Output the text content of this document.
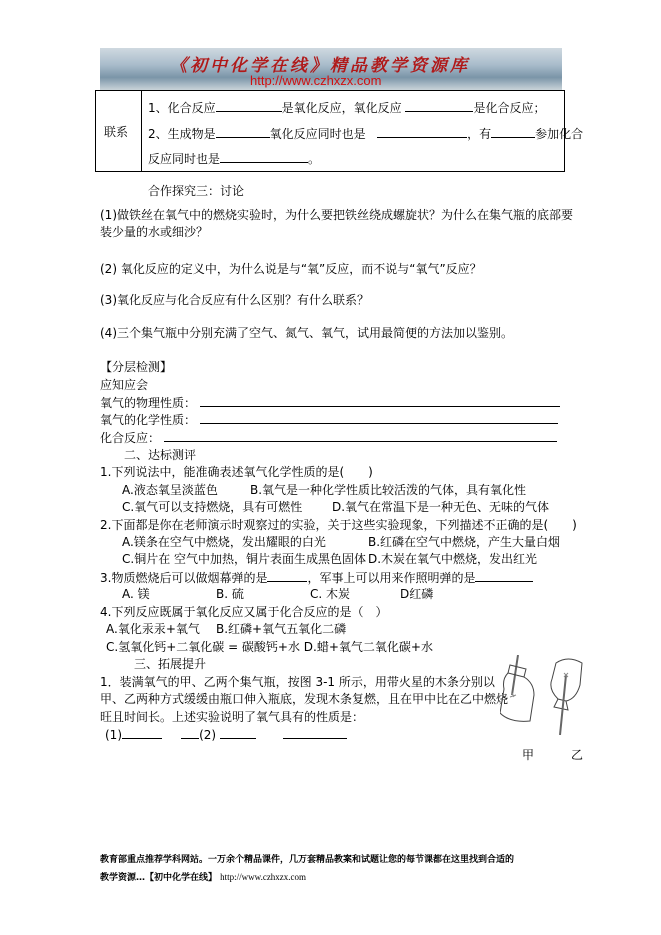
《初中化学在线》精品教学资源库
http://www.czhxzx.com
联系
1、化合反应	是氧化反应，氧化反应	是化合反应；
2、生成物是	氧化反应同时也是	，有	参加化合
反应同时也是	。
合作探究三：讨论
(1)做铁丝在氧气中的燃烧实验时，为什么要把铁丝绕成螺旋状？为什么在集气瓶的底部要
装少量的水或细沙？
(2) 氧化反应的定义中，为什么说是与“氧”反应，而不说与“氧气”反应？
(3)氧化反应与化合反应有什么区别？有什么联系？
(4)三个集气瓶中分别充满了空气、氮气、氧气，试用最简便的方法加以鉴别。
【分层检测】
应知应会
氧气的物理性质：
氧气的化学性质：
化合反应：
二、达标测评
1.下列说法中，能准确表述氧气化学性质的是(　　)
A.液态氧呈淡蓝色	B.氧气是一种化学性质比较活泼的气体，具有氧化性
C.氧气可以支持燃烧，具有可燃性 D.氧气在常温下是一种无色、无味的气体
2.下面都是你在老师演示时观察过的实验，关于这些实验现象，下列描述不正确的是(　　)
A.镁条在空气中燃烧，发出耀眼的白光	B.红磷在空气中燃烧，产生大量白烟
C.铜片在 空气中加热，铜片表面生成黑色固体 D.木炭在氧气中燃烧，发出红光
3.物质燃烧后可以做烟幕弹的是	，军事上可以用来作照明弹的是
A. 镁	B. 硫	C. 木炭	D红磷
4.下列反应既属于氧化反应又属于化合反应的是（　）
A.氧化汞汞+氧气 B.红磷+氧气五氧化二磷
C.氢氧化钙+二氧化碳 = 碳酸钙+水 D.蜡+氧气二氧化碳+水
三、拓展提升
1．装满氧气的甲、乙两个集气瓶，按图 3-1 所示，用带火星的木条分别以
甲、乙两种方式缓缓由瓶口伸入瓶底，发现木条复燃，且在甲中比在乙中燃烧
旺且时间长。上述实验说明了氧气具有的性质是：
(1)	(2)
甲	乙
教育部重点推荐学科网站。一万余个精品课件，几万套精品教案和试题让您的每节课都在这里找到合适的
教学资源…【初中化学在线】 http://www.czhxzx.com
